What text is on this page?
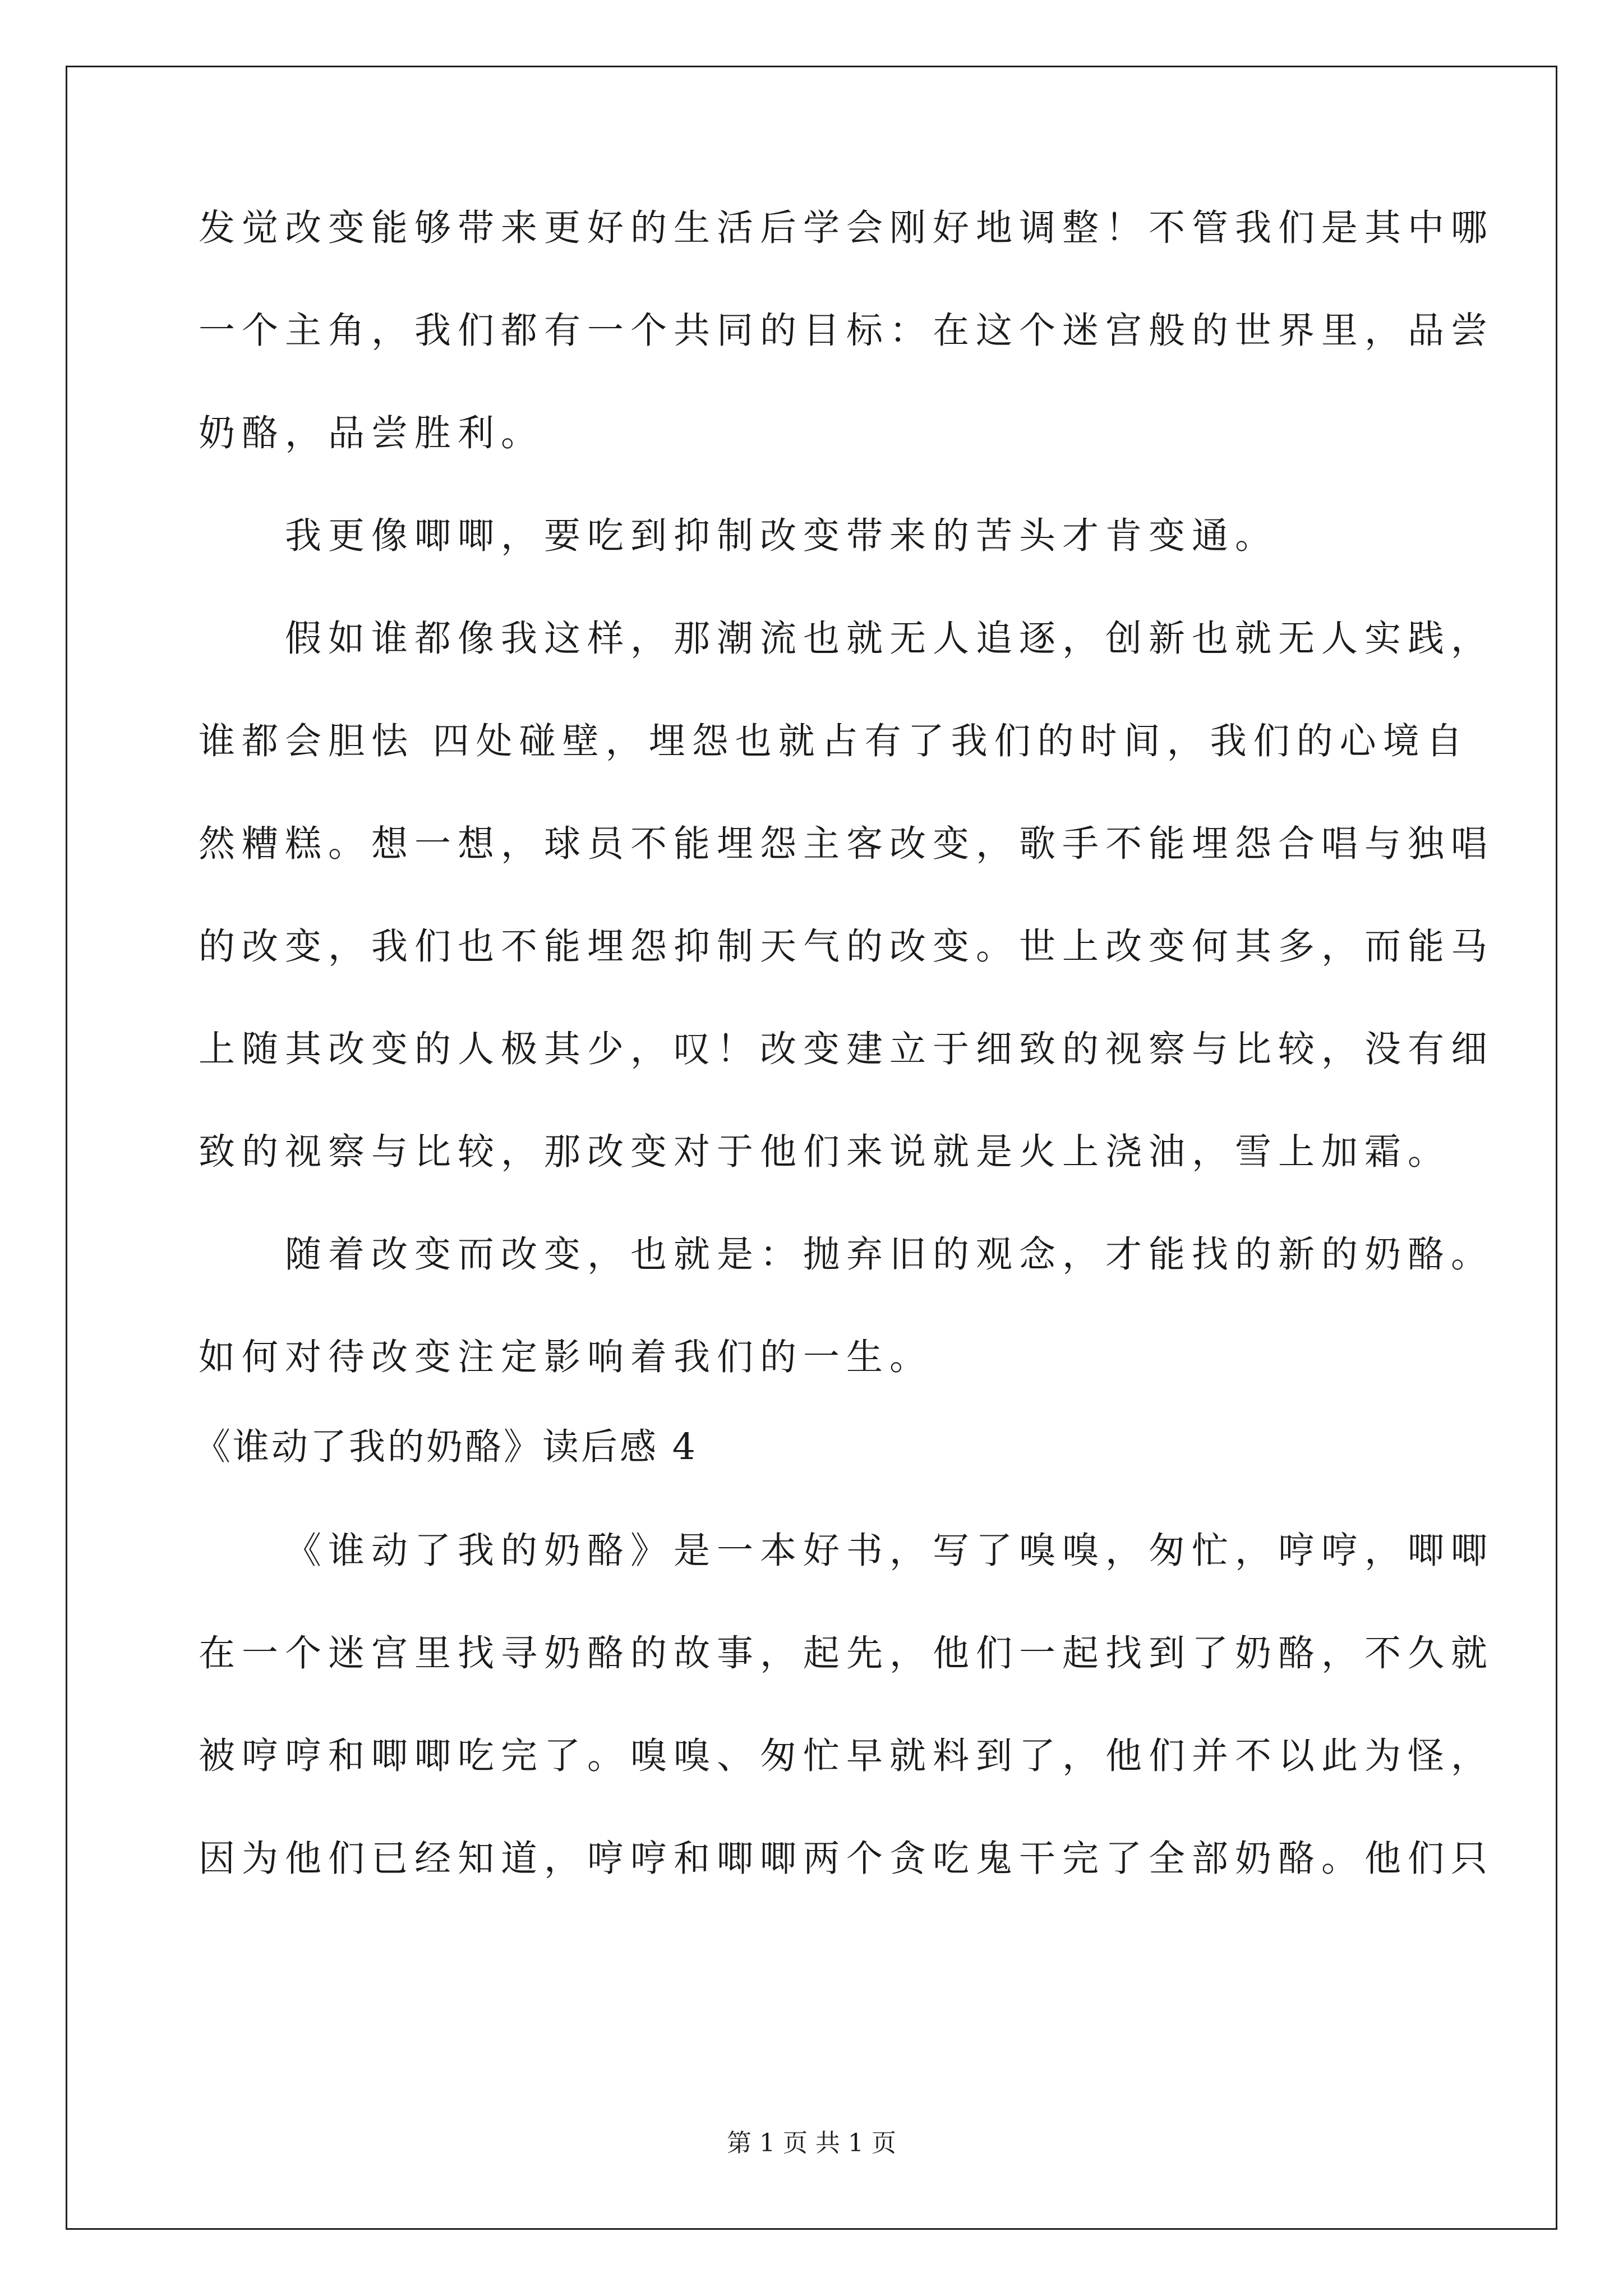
发觉改变能够带来更好的生活后学会刚好地调整！不管我们是其中哪
一个主角，我们都有一个共同的目标：在这个迷宫般的世界里，品尝
奶酪，品尝胜利。
我更像唧唧，要吃到抑制改变带来的苦头才肯变通。
假如谁都像我这样，那潮流也就无人追逐，创新也就无人实践，
谁都会胆怯 四处碰壁，埋怨也就占有了我们的时间，我们的心境自
然糟糕。想一想，球员不能埋怨主客改变，歌手不能埋怨合唱与独唱
的改变，我们也不能埋怨抑制天气的改变。世上改变何其多，而能马
上随其改变的人极其少，叹！改变建立于细致的视察与比较，没有细
致的视察与比较，那改变对于他们来说就是火上浇油，雪上加霜。
随着改变而改变，也就是：抛弃旧的观念，才能找的新的奶酪。
如何对待改变注定影响着我们的一生。
《谁动了我的奶酪》读后感 4
《谁动了我的奶酪》是一本好书，写了嗅嗅，匆忙，哼哼，唧唧
在一个迷宫里找寻奶酪的故事，起先，他们一起找到了奶酪，不久就
被哼哼和唧唧吃完了。嗅嗅、匆忙早就料到了，他们并不以此为怪，
因为他们已经知道，哼哼和唧唧两个贪吃鬼干完了全部奶酪。他们只
第 1 页 共 1 页
